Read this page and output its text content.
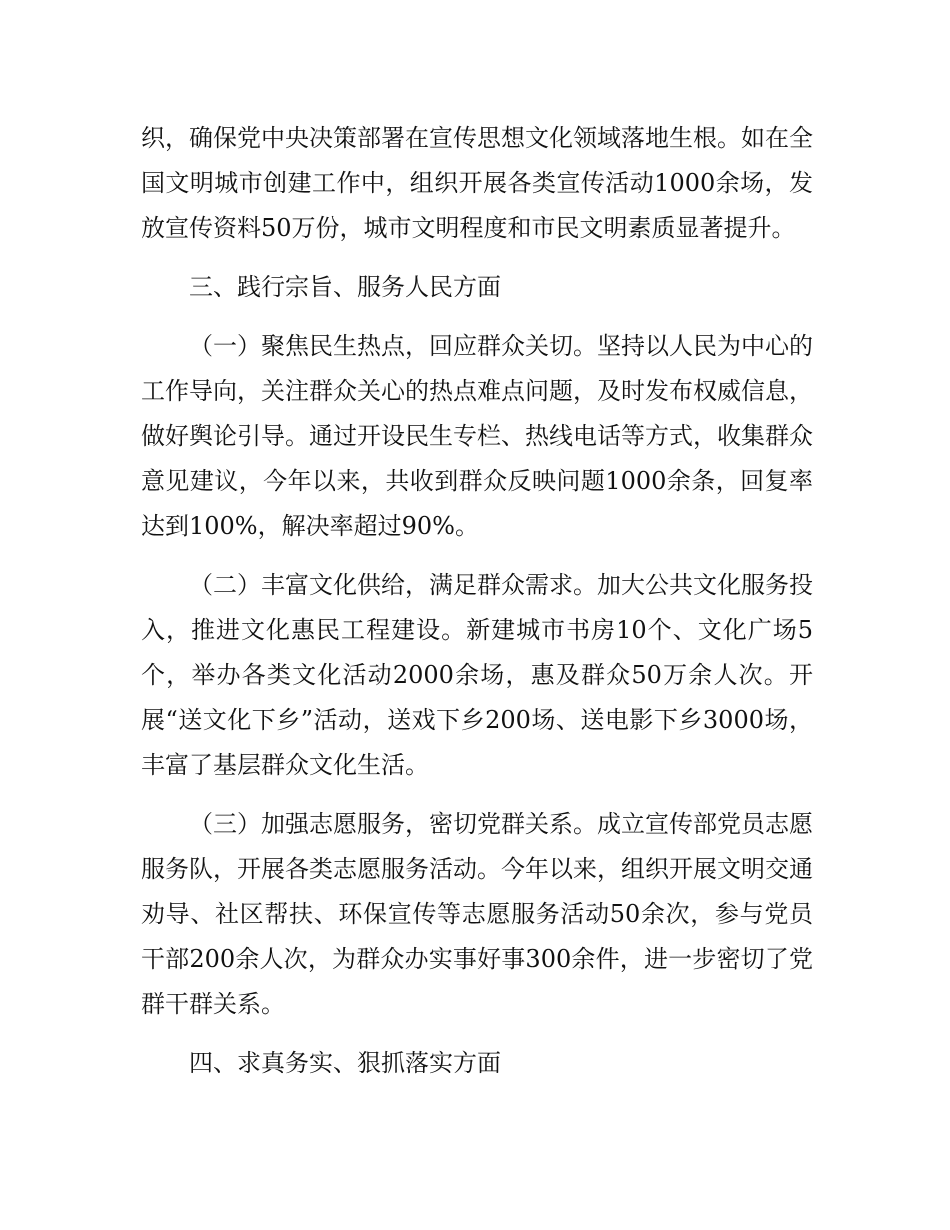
织，确保党中央决策部署在宣传思想文化领域落地生根。如在全国文明城市创建工作中，组织开展各类宣传活动1000余场，发放宣传资料50万份，城市文明程度和市民文明素质显著提升。

三、践行宗旨、服务人民方面

（一）聚焦民生热点，回应群众关切。坚持以人民为中心的工作导向，关注群众关心的热点难点问题，及时发布权威信息，做好舆论引导。通过开设民生专栏、热线电话等方式，收集群众意见建议，今年以来，共收到群众反映问题1000余条，回复率达到100%，解决率超过90%。

（二）丰富文化供给，满足群众需求。加大公共文化服务投入，推进文化惠民工程建设。新建城市书房10个、文化广场5个，举办各类文化活动2000余场，惠及群众50万余人次。开展“送文化下乡”活动，送戏下乡200场、送电影下乡3000场，丰富了基层群众文化生活。

（三）加强志愿服务，密切党群关系。成立宣传部党员志愿服务队，开展各类志愿服务活动。今年以来，组织开展文明交通劝导、社区帮扶、环保宣传等志愿服务活动50余次，参与党员干部200余人次，为群众办实事好事300余件，进一步密切了党群干群关系。

四、求真务实、狠抓落实方面
